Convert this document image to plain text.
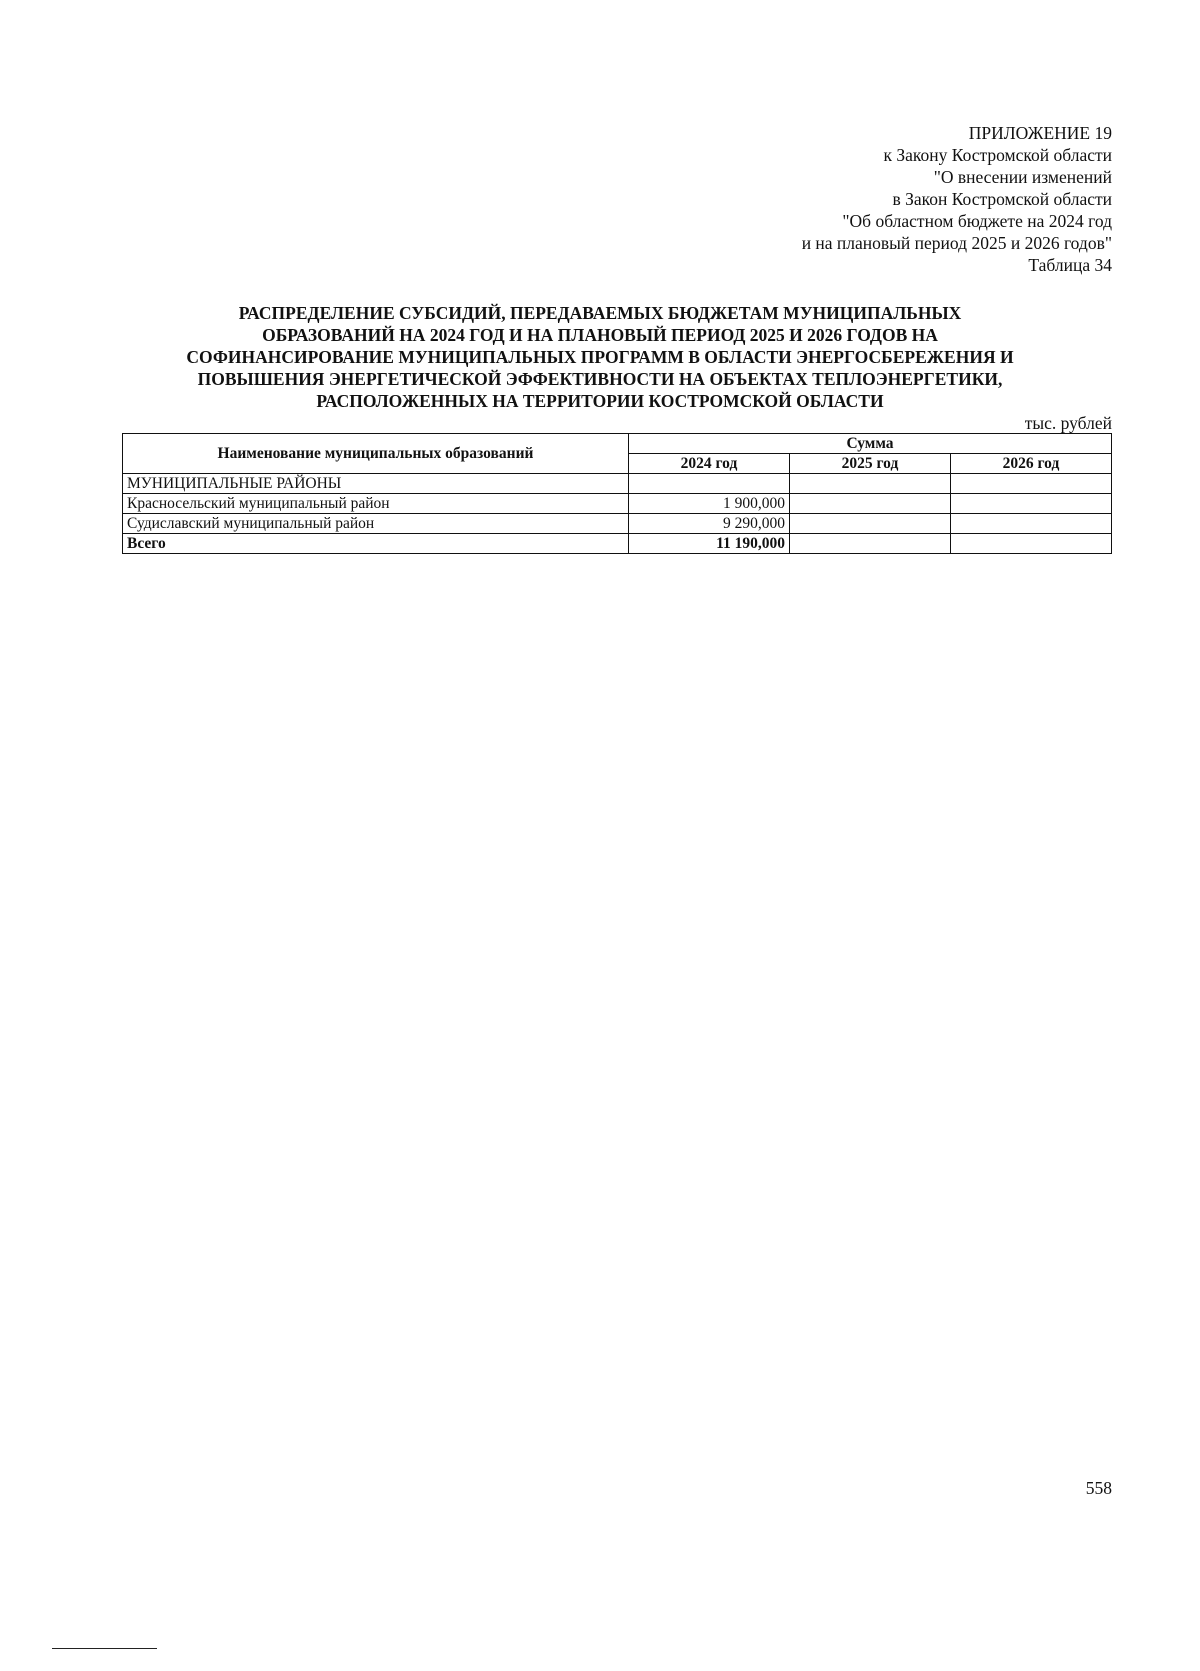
ПРИЛОЖЕНИЕ 19
к Закону Костромской области
"О внесении изменений
в Закон Костромской области
"Об областном бюджете на 2024 год
и на плановый период 2025 и 2026 годов"
Таблица 34
РАСПРЕДЕЛЕНИЕ СУБСИДИЙ, ПЕРЕДАВАЕМЫХ БЮДЖЕТАМ МУНИЦИПАЛЬНЫХ
ОБРАЗОВАНИЙ НА 2024 ГОД И НА ПЛАНОВЫЙ ПЕРИОД 2025 И 2026 ГОДОВ НА
СОФИНАНСИРОВАНИЕ МУНИЦИПАЛЬНЫХ ПРОГРАММ В ОБЛАСТИ ЭНЕРГОСБЕРЕЖЕНИЯ И
ПОВЫШЕНИЯ ЭНЕРГЕТИЧЕСКОЙ ЭФФЕКТИВНОСТИ НА ОБЪЕКТАХ ТЕПЛОЭНЕРГЕТИКИ,
РАСПОЛОЖЕННЫХ НА ТЕРРИТОРИИ КОСТРОМСКОЙ ОБЛАСТИ
тыс. рублей
Наименование муниципальных образований	Сумма		
	2024 год	2025 год	2026 год
МУНИЦИПАЛЬНЫЕ РАЙОНЫ			
Красносельский муниципальный район	1 900,000		
Судиславский муниципальный район	9 290,000		
Всего	11 190,000		
558
